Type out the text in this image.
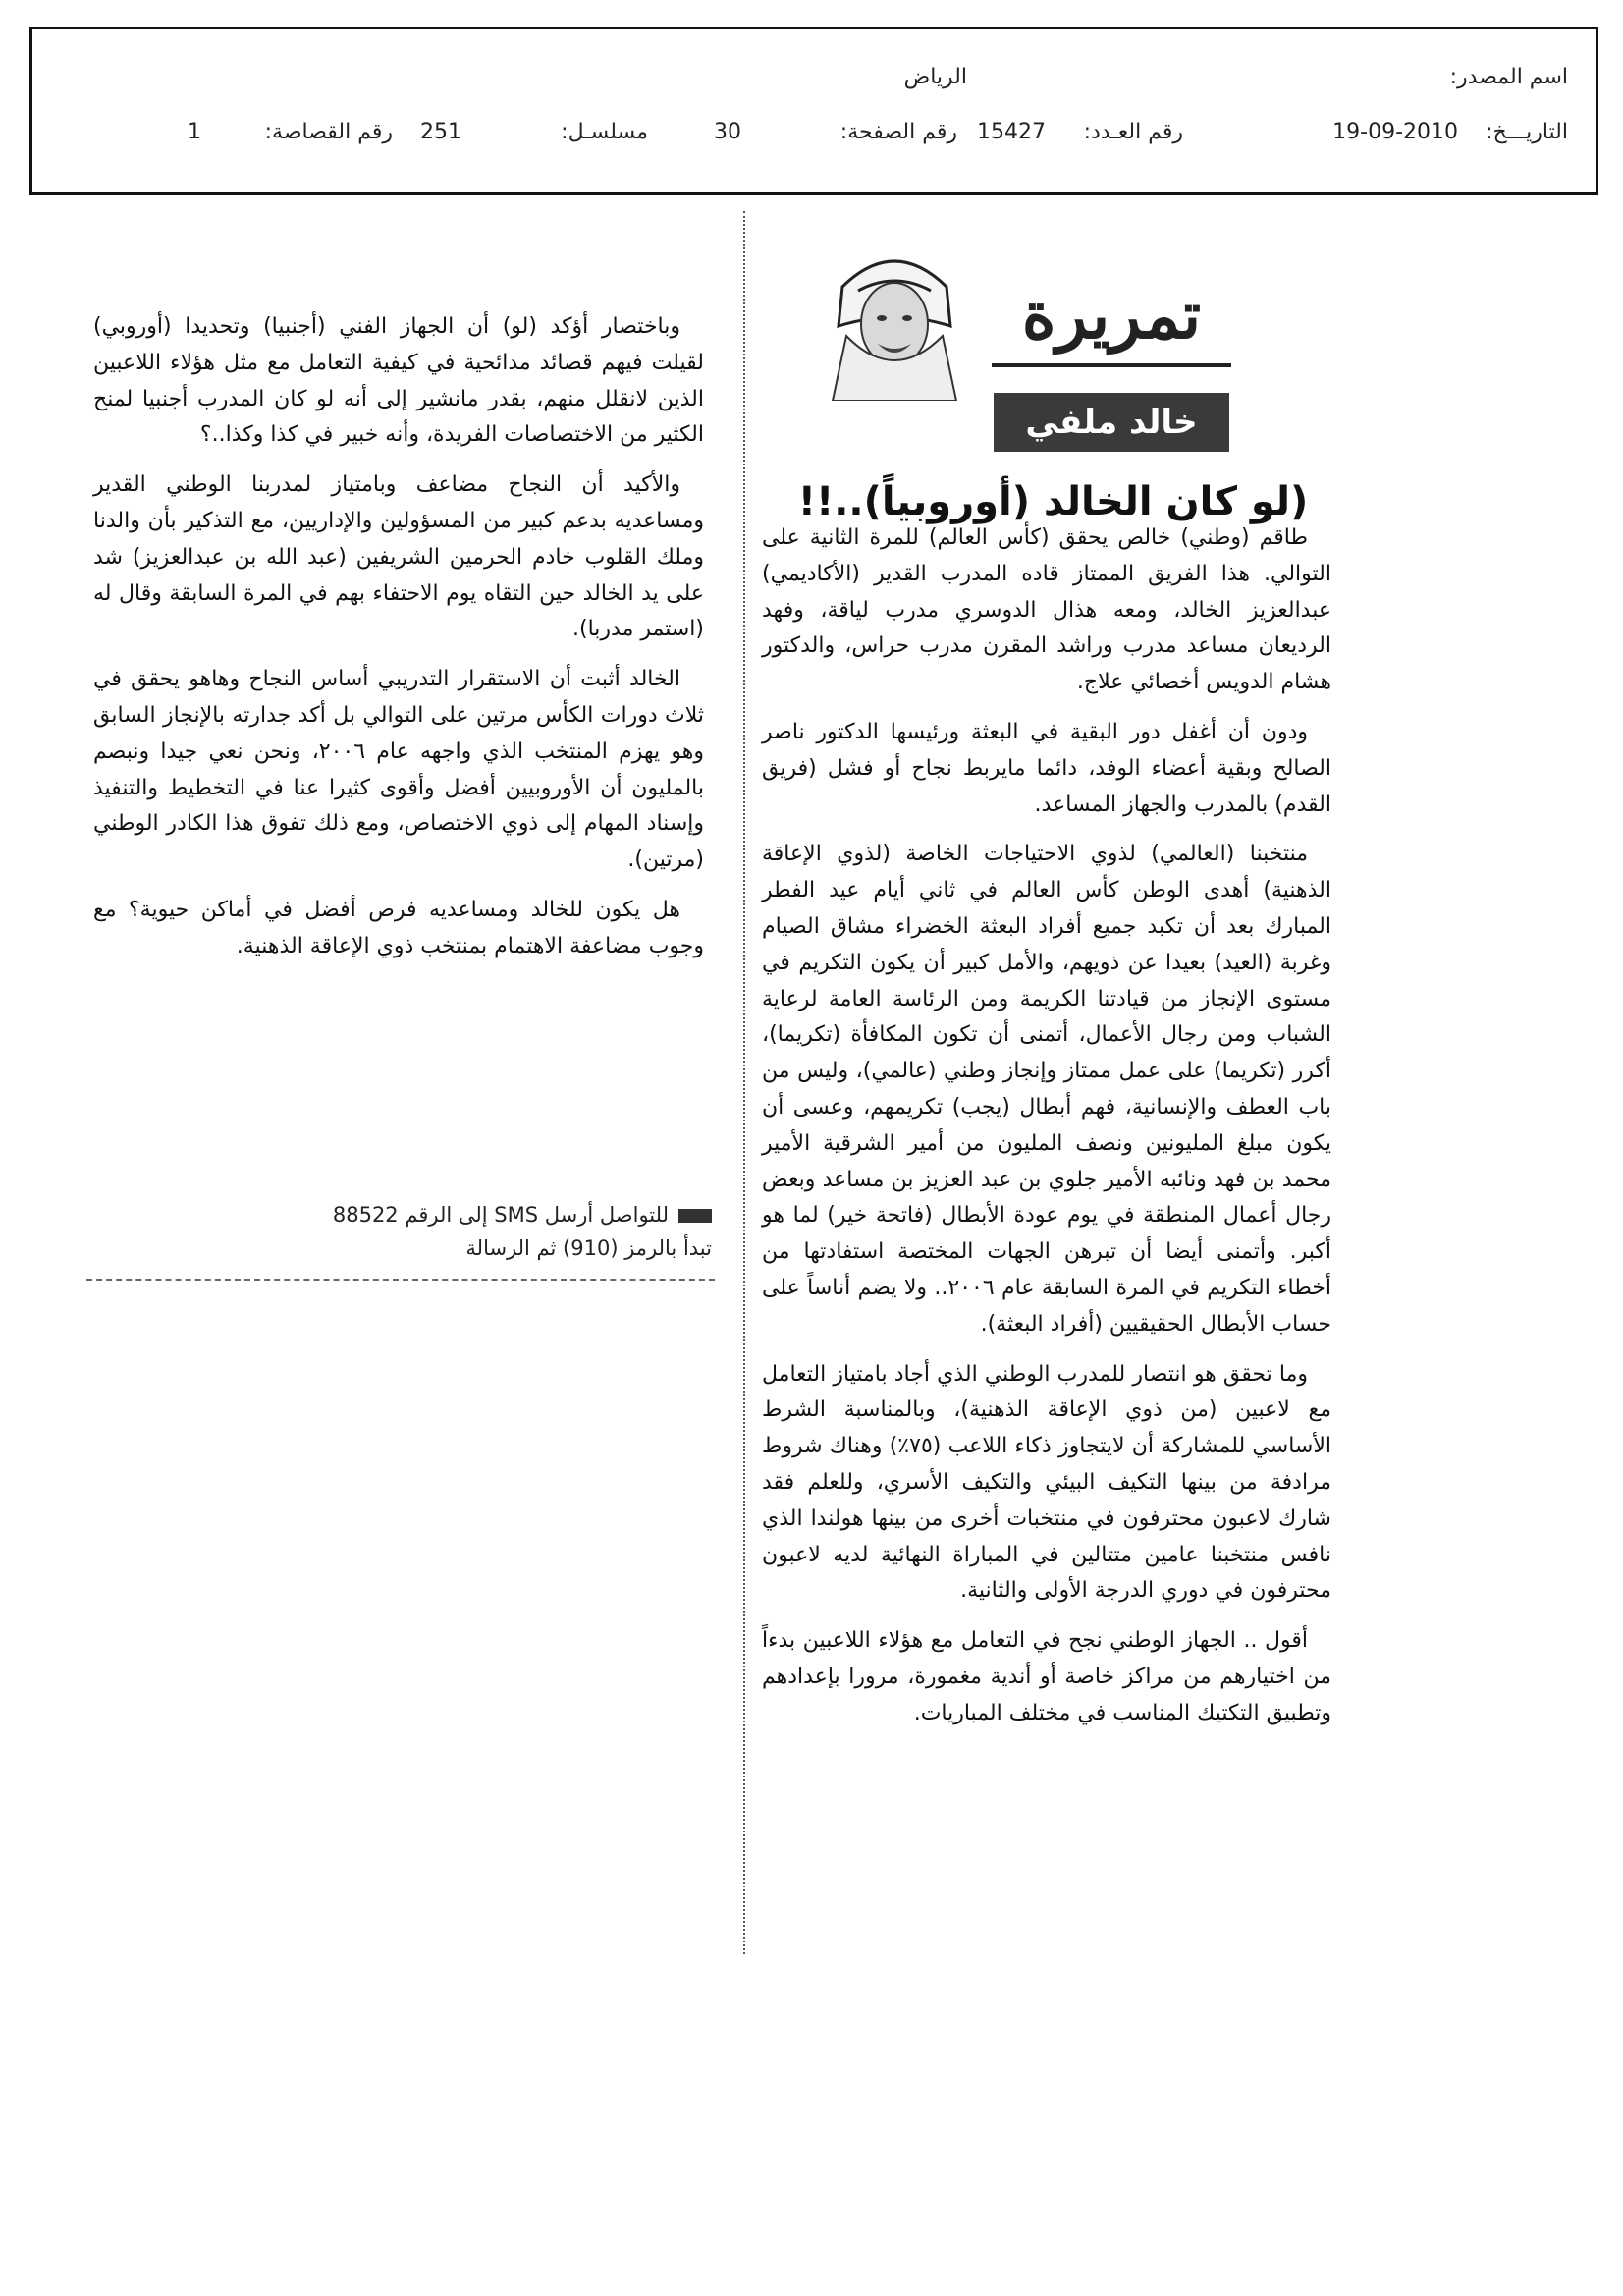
اسم المصدر:
الرياض
التاريـــخ:
19-09-2010
رقم العـدد:
15427
رقم الصفحة:
30
مسلسـل:
251
رقم القصاصة:
1
تمريرة
خالد ملفي
(لو كان الخالد (أوروبياً)..!!

طاقم (وطني) خالص يحقق (كأس العالم) للمرة الثانية على التوالي. هذا الفريق الممتاز قاده المدرب القدير (الأكاديمي) عبدالعزيز الخالد، ومعه هذال الدوسري مدرب لياقة، وفهد الرديعان مساعد مدرب وراشد المقرن مدرب حراس، والدكتور هشام الدويس أخصائي علاج.

ودون أن أغفل دور البقية في البعثة ورئيسها الدكتور ناصر الصالح وبقية أعضاء الوفد، دائما مايربط نجاح أو فشل (فريق القدم) بالمدرب والجهاز المساعد.

منتخبنا (العالمي) لذوي الاحتياجات الخاصة (لذوي الإعاقة الذهنية) أهدى الوطن كأس العالم في ثاني أيام عيد الفطر المبارك بعد أن تكبد جميع أفراد البعثة الخضراء مشاق الصيام وغربة (العيد) بعيدا عن ذويهم، والأمل كبير أن يكون التكريم في مستوى الإنجاز من قيادتنا الكريمة ومن الرئاسة العامة لرعاية الشباب ومن رجال الأعمال، أتمنى أن تكون المكافأة (تكريما)، أكرر (تكريما) على عمل ممتاز وإنجاز وطني (عالمي)، وليس من باب العطف والإنسانية، فهم أبطال (يجب) تكريمهم، وعسى أن يكون مبلغ المليونين ونصف المليون من أمير الشرقية الأمير محمد بن فهد ونائبه الأمير جلوي بن عبد العزيز بن مساعد وبعض رجال أعمال المنطقة في يوم عودة الأبطال (فاتحة خير) لما هو أكبر. وأتمنى أيضا أن تبرهن الجهات المختصة استفادتها من أخطاء التكريم في المرة السابقة عام ٢٠٠٦.. ولا يضم أناساً على حساب الأبطال الحقيقيين (أفراد البعثة).

وما تحقق هو انتصار للمدرب الوطني الذي أجاد بامتياز التعامل مع لاعبين (من ذوي الإعاقة الذهنية)، وبالمناسبة الشرط الأساسي للمشاركة أن لايتجاوز ذكاء اللاعب (٧٥٪) وهناك شروط مرادفة من بينها التكيف البيئي والتكيف الأسري، وللعلم فقد شارك لاعبون محترفون في منتخبات أخرى من بينها هولندا الذي نافس منتخبنا عامين متتالين في المباراة النهائية لديه لاعبون محترفون في دوري الدرجة الأولى والثانية.

أقول .. الجهاز الوطني نجح في التعامل مع هؤلاء اللاعبين بدءاً من اختيارهم من مراكز خاصة أو أندية مغمورة، مرورا بإعدادهم وتطبيق التكتيك المناسب في مختلف المباريات.

وباختصار أؤكد (لو) أن الجهاز الفني (أجنبيا) وتحديدا (أوروبي) لقيلت فيهم قصائد مدائحية في كيفية التعامل مع مثل هؤلاء اللاعبين الذين لانقلل منهم، بقدر مانشير إلى أنه لو كان المدرب أجنبيا لمنح الكثير من الاختصاصات الفريدة، وأنه خبير في كذا وكذا..؟

والأكيد أن النجاح مضاعف وبامتياز لمدربنا الوطني القدير ومساعديه بدعم كبير من المسؤولين والإداريين، مع التذكير بأن والدنا وملك القلوب خادم الحرمين الشريفين (عبد الله بن عبدالعزيز) شد على يد الخالد حين التقاه يوم الاحتفاء بهم في المرة السابقة وقال له (استمر مدربا).

الخالد أثبت أن الاستقرار التدريبي أساس النجاح وهاهو يحقق في ثلاث دورات الكأس مرتين على التوالي بل أكد جدارته بالإنجاز السابق وهو يهزم المنتخب الذي واجهه عام ٢٠٠٦، ونحن نعي جيدا ونبصم بالمليون أن الأوروبيين أفضل وأقوى كثيرا عنا في التخطيط والتنفيذ وإسناد المهام إلى ذوي الاختصاص، ومع ذلك تفوق هذا الكادر الوطني (مرتين).

هل يكون للخالد ومساعديه فرص أفضل في أماكن حيوية؟ مع وجوب مضاعفة الاهتمام بمنتخب ذوي الإعاقة الذهنية.

للتواصل أرسل SMS إلى الرقم 88522
تبدأ بالرمز (910) ثم الرسالة
